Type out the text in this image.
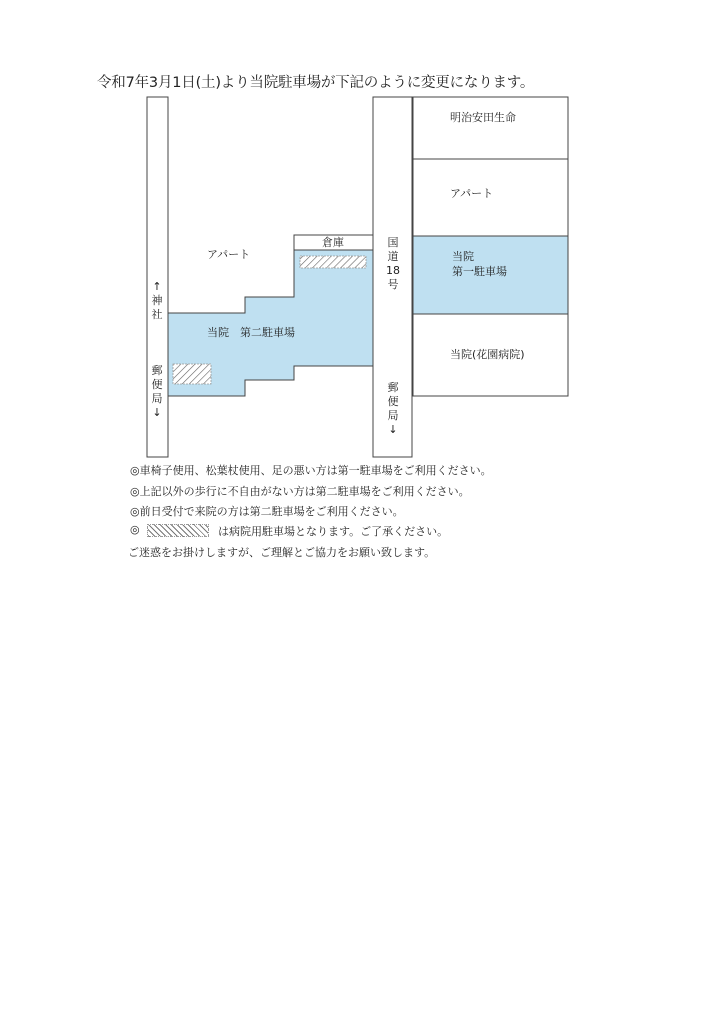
令和7年3月1日(土)より当院駐車場が下記のように変更になります。
明治安田生命
アパート
当院
第一駐車場
当院(花園病院)
アパート
倉庫
当院　第二駐車場
国
道
18
号
↑
神
社
郵
便
局
↓
郵
便
局
↓
◎車椅子使用、松葉杖使用、足の悪い方は第一駐車場をご利用ください。
◎上記以外の歩行に不自由がない方は第二駐車場をご利用ください。
◎前日受付で来院の方は第二駐車場をご利用ください。
◎	は病院用駐車場となります。ご了承ください。
ご迷惑をお掛けしますが、ご理解とご協力をお願い致します。
